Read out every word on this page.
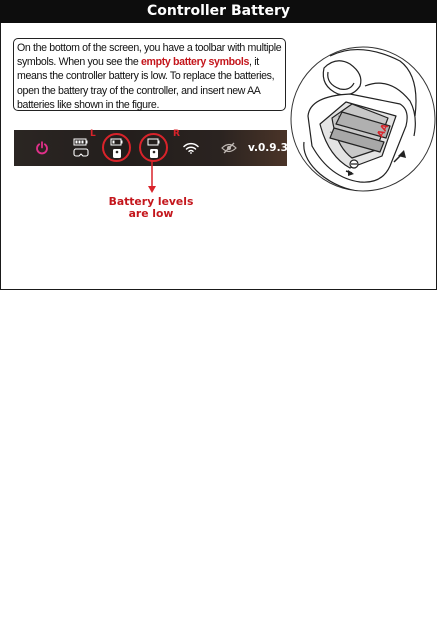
Controller Battery
On the bottom of the screen, you have a toolbar with multiple symbols. When you see the empty battery symbols, it means the controller battery is low. To replace the batteries, open the battery tray of the controller, and insert new AA batteries like shown in the figure.
v.0.9.3
L	R
Battery levels
are low
AA
